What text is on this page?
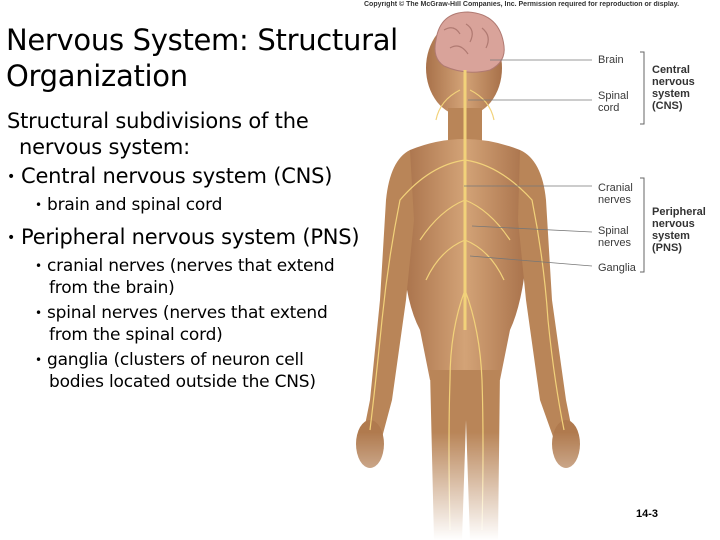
Brain
Spinal
cord
Central
nervous
system (CNS)
Cranial
nerves
Spinal
nerves
Ganglia
Peripheral
nervous
system (PNS)
Nervous System: Structural
Organization
Structural subdivisions of the
nervous system:
• Central nervous system (CNS)
• brain and spinal cord
• Peripheral nervous system (PNS)
• cranial nerves (nerves that extend
from the brain)
• spinal nerves (nerves that extend
from the spinal cord)
• ganglia (clusters of neuron cell
bodies located outside the CNS)
14-3
